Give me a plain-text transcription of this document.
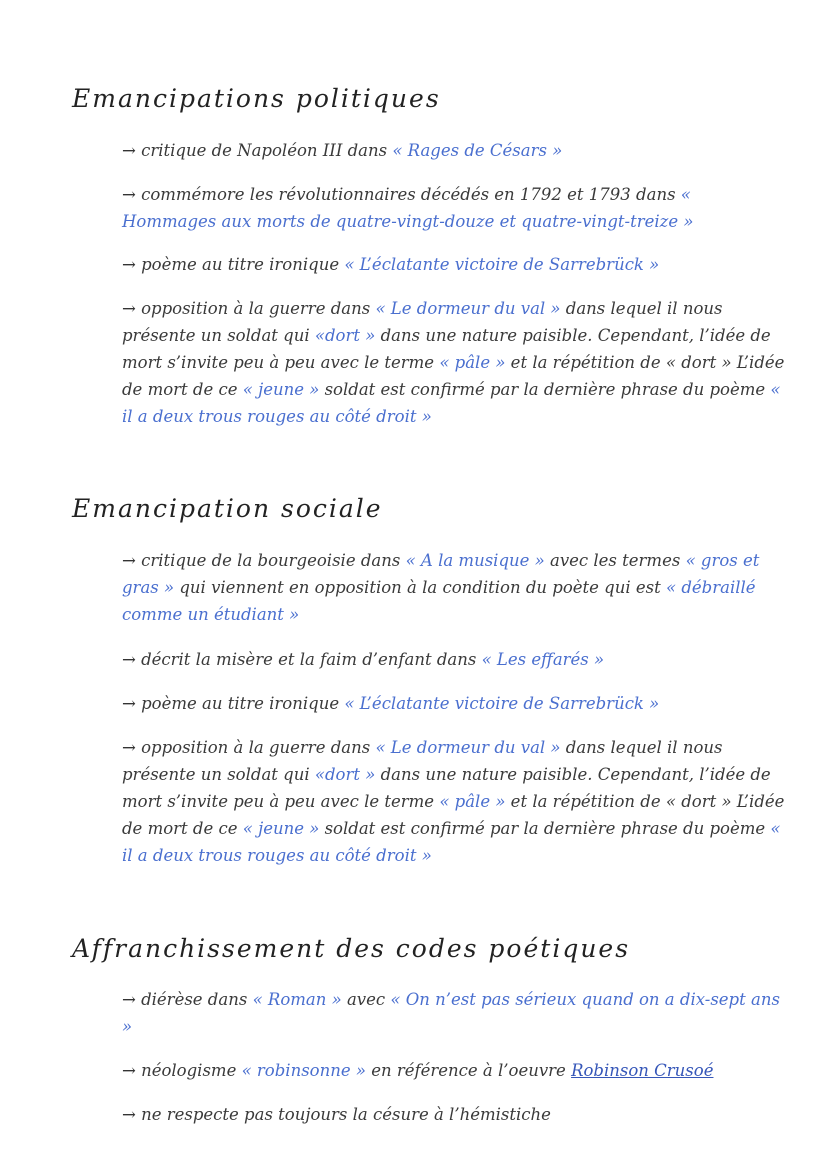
Emancipations politiques

→ critique de Napoléon III dans « Rages de Césars »

→ commémore les révolutionnaires décédés en 1792 et 1793 dans « Hommages aux morts de quatre-vingt-douze et quatre-vingt-treize »

→ poème au titre ironique « L’éclatante victoire de Sarrebrück »

→ opposition à la guerre dans « Le dormeur du val » dans lequel il nous présente un soldat qui «dort » dans une nature paisible. Cependant, l’idée de mort s’invite peu à peu avec le terme « pâle » et la répétition de « dort » L’idée de mort de ce « jeune » soldat est confirmé par la dernière phrase du poème « il a deux trous rouges au côté droit »

Emancipation sociale

→ critique de la bourgeoisie dans « A la musique » avec les termes « gros et gras » qui viennent en opposition à la condition du poète qui est « débraillé comme un étudiant »

→ décrit la misère et la faim d’enfant dans « Les effarés »

→ poème au titre ironique « L’éclatante victoire de Sarrebrück »

→ opposition à la guerre dans « Le dormeur du val » dans lequel il nous présente un soldat qui «dort » dans une nature paisible. Cependant, l’idée de mort s’invite peu à peu avec le terme « pâle » et la répétition de « dort » L’idée de mort de ce « jeune » soldat est confirmé par la dernière phrase du poème « il a deux trous rouges au côté droit »

Affranchissement des codes poétiques

→ diérèse dans « Roman » avec « On n’est pas sérieux quand on a dix-sept ans »

→ néologisme « robinsonne » en référence à l’oeuvre Robinson Crusoé

→ ne respecte pas toujours la césure à l’hémistiche
